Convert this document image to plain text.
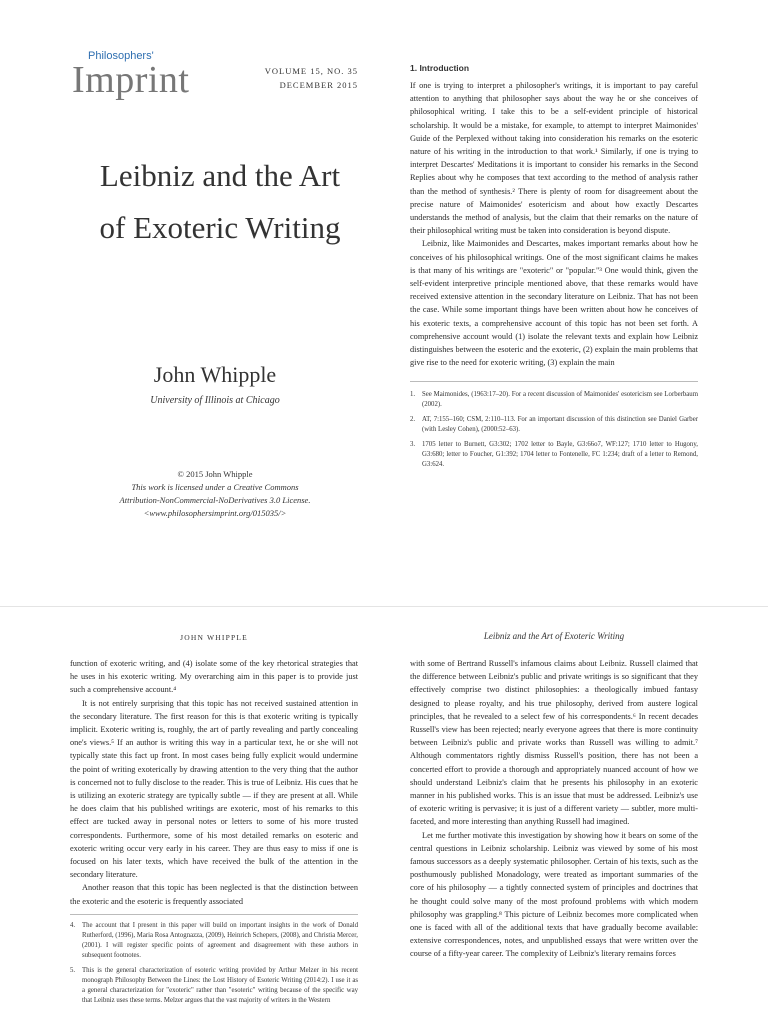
Philosophers'
Imprint	VOLUME 15, NO. 35
DECEMBER 2015
Leibniz and the Art
of Exoteric Writing
John Whipple
University of Illinois at Chicago
© 2015 John Whipple
This work is licensed under a Creative Commons
Attribution-NonCommercial-NoDerivatives 3.0 License.
<www.philosophersimprint.org/015035/>
1. Introduction

If one is trying to interpret a philosopher's writings, it is important to pay careful attention to anything that philosopher says about the way he or she conceives of philosophical writing. I take this to be a self-evident principle of historical scholarship. It would be a mistake, for example, to attempt to interpret Maimonides' Guide of the Perplexed without taking into consideration his remarks on the esoteric nature of his writing in the introduction to that work.¹ Similarly, if one is trying to interpret Descartes' Meditations it is important to consider his remarks in the Second Replies about why he composes that text according to the method of analysis rather than the method of synthesis.² There is plenty of room for disagreement about the precise nature of Maimonides' esotericism and about how exactly Descartes understands the method of analysis, but the claim that their remarks on the nature of their philosophical writing must be taken into consideration is beyond dispute.

Leibniz, like Maimonides and Descartes, makes important remarks about how he conceives of his philosophical writings. One of the most significant claims he makes is that many of his writings are "exoteric" or "popular."³ One would think, given the self-evident interpretive principle mentioned above, that these remarks would have received extensive attention in the secondary literature on Leibniz. That has not been the case. While some important things have been written about how he conceives of his exoteric texts, a comprehensive account of this topic has not been set forth. A comprehensive account would (1) isolate the relevant texts and explain how Leibniz distinguishes between the esoteric and the exoteric, (2) explain the main problems that give rise to the need for exoteric writing, (3) explain the main

1.	See Maimonides, (1963:17–20). For a recent discussion of Maimonides' esotericism see Lorberbaum (2002).
2.	AT, 7:155–160; CSM, 2:110–113. For an important discussion of this distinction see Daniel Garber (with Lesley Cohen), (2000:52–63).
3.	1705 letter to Burnett, G3:302; 1702 letter to Bayle, G3:66o7, WF:127; 1710 letter to Hugony, G3:680; letter to Foucher, G1:392; 1704 letter to Fontenelle, FC 1:234; draft of a letter to Remond, G3:624.
JOHN WHIPPLE	Leibniz and the Art of Exoteric Writing

function of exoteric writing, and (4) isolate some of the key rhetorical strategies that he uses in his exoteric writing. My overarching aim in this paper is to provide just such a comprehensive account.⁴

It is not entirely surprising that this topic has not received sustained attention in the secondary literature. The first reason for this is that exoteric writing is typically implicit. Exoteric writing is, roughly, the art of partly revealing and partly concealing one's views.⁵ If an author is writing this way in a particular text, he or she will not typically state this fact up front. In most cases being fully explicit would undermine the point of writing exoterically by drawing attention to the very thing that the author is concerned not to fully disclose to the reader. This is true of Leibniz. His cues that he is utilizing an exoteric strategy are typically subtle — if they are present at all. While he does claim that his published writings are exoteric, most of his remarks to this effect are tucked away in personal notes or letters to some of his more trusted correspondents. Furthermore, some of his most detailed remarks on esoteric and exoteric writing occur very early in his career. They are thus easy to miss if one is focused on his later texts, which have received the bulk of the attention in the secondary literature.

Another reason that this topic has been neglected is that the distinction between the exoteric and the esoteric is frequently associated

4.	The account that I present in this paper will build on important insights in the work of Donald Rutherford, (1996), Maria Rosa Antognazza, (2009), Heinrich Schepers, (2008), and Christia Mercer, (2001). I will register specific points of agreement and disagreement with these authors in subsequent footnotes.
5.	This is the general characterization of esoteric writing provided by Arthur Melzer in his recent monograph Philosophy Between the Lines: the Lost History of Esoteric Writing (2014:2). I use it as a general characterization for "exoteric" rather than "esoteric" writing because of the specific way that Leibniz uses these terms. Melzer argues that the vast majority of writers in the Western

with some of Bertrand Russell's infamous claims about Leibniz. Russell claimed that the difference between Leibniz's public and private writings is so significant that they effectively comprise two distinct philosophies: a theologically imbued fantasy designed to please royalty, and his true philosophy, derived from austere logical principles, that he revealed to a select few of his correspondents.⁶ In recent decades Russell's view has been rejected; nearly everyone agrees that there is more continuity between Leibniz's public and private works than Russell was willing to admit.⁷ Although commentators rightly dismiss Russell's position, there has not been a concerted effort to provide a thorough and appropriately nuanced account of how we should understand Leibniz's claim that he presents his philosophy in an exoteric manner in his published works. This is an issue that must be addressed. Leibniz's use of exoteric writing is pervasive; it is just of a different variety — subtler, more multi-faceted, and more interesting than anything Russell had imagined.

Let me further motivate this investigation by showing how it bears on some of the central questions in Leibniz scholarship. Leibniz was viewed by some of his most famous successors as a deeply systematic philosopher. Certain of his texts, such as the posthumously published Monadology, were treated as important summaries of the core of his philosophy — a tightly connected system of principles and doctrines that he thought could solve many of the most profound problems with which modern philosophy was grappling.⁸ This picture of Leibniz becomes more complicated when one is faced with all of the additional texts that have gradually become available: extensive correspondences, notes, and unpublished essays that were written over the course of a fifty-year career. The complexity of Leibniz's literary remains forces
